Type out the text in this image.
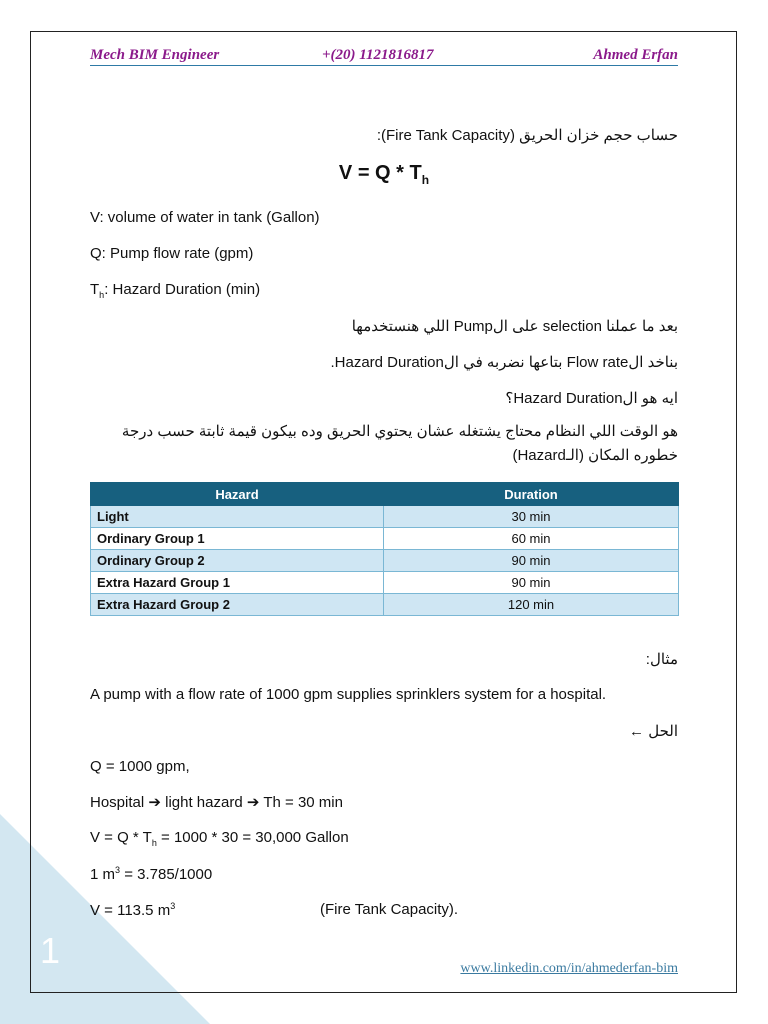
1
Mech BIM Engineer	+(20) 1121816817	Ahmed Erfan
حساب حجم خزان الحريق (Fire Tank Capacity):
$V = Q * T_h$
V: volume of water in tank (Gallon)
Q: Pump flow rate (gpm)
$T_h$: Hazard Duration (min)
بعد ما عملنا selection على الPump اللي هنستخدمها
بناخد الFlow rate بتاعها نضربه في الHazard Duration.
ايه هو الHazard Duration؟
هو الوقت اللي النظام محتاج يشتغله عشان يحتوي الحريق وده بيكون قيمة ثابتة حسب درجة خطوره المكان (الـHazard)
Hazard	Duration
Light	30 min
Ordinary Group 1	60 min
Ordinary Group 2	90 min
Extra Hazard Group 1	90 min
Extra Hazard Group 2	120 min
مثال:
A pump with a flow rate of 1000 gpm supplies sprinklers system for a hospital.
الحل ←
Q = 1000 gpm,
Hospital ➔ light hazard ➔ Th = 30 min
$V = Q * T_h = 1000 * 30 = 30,000$ Gallon
1 $m^3 = 3.785/1000$
V = 113.5 $m^3$	(Fire Tank Capacity).
www.linkedin.com/in/ahmederfan-bim
